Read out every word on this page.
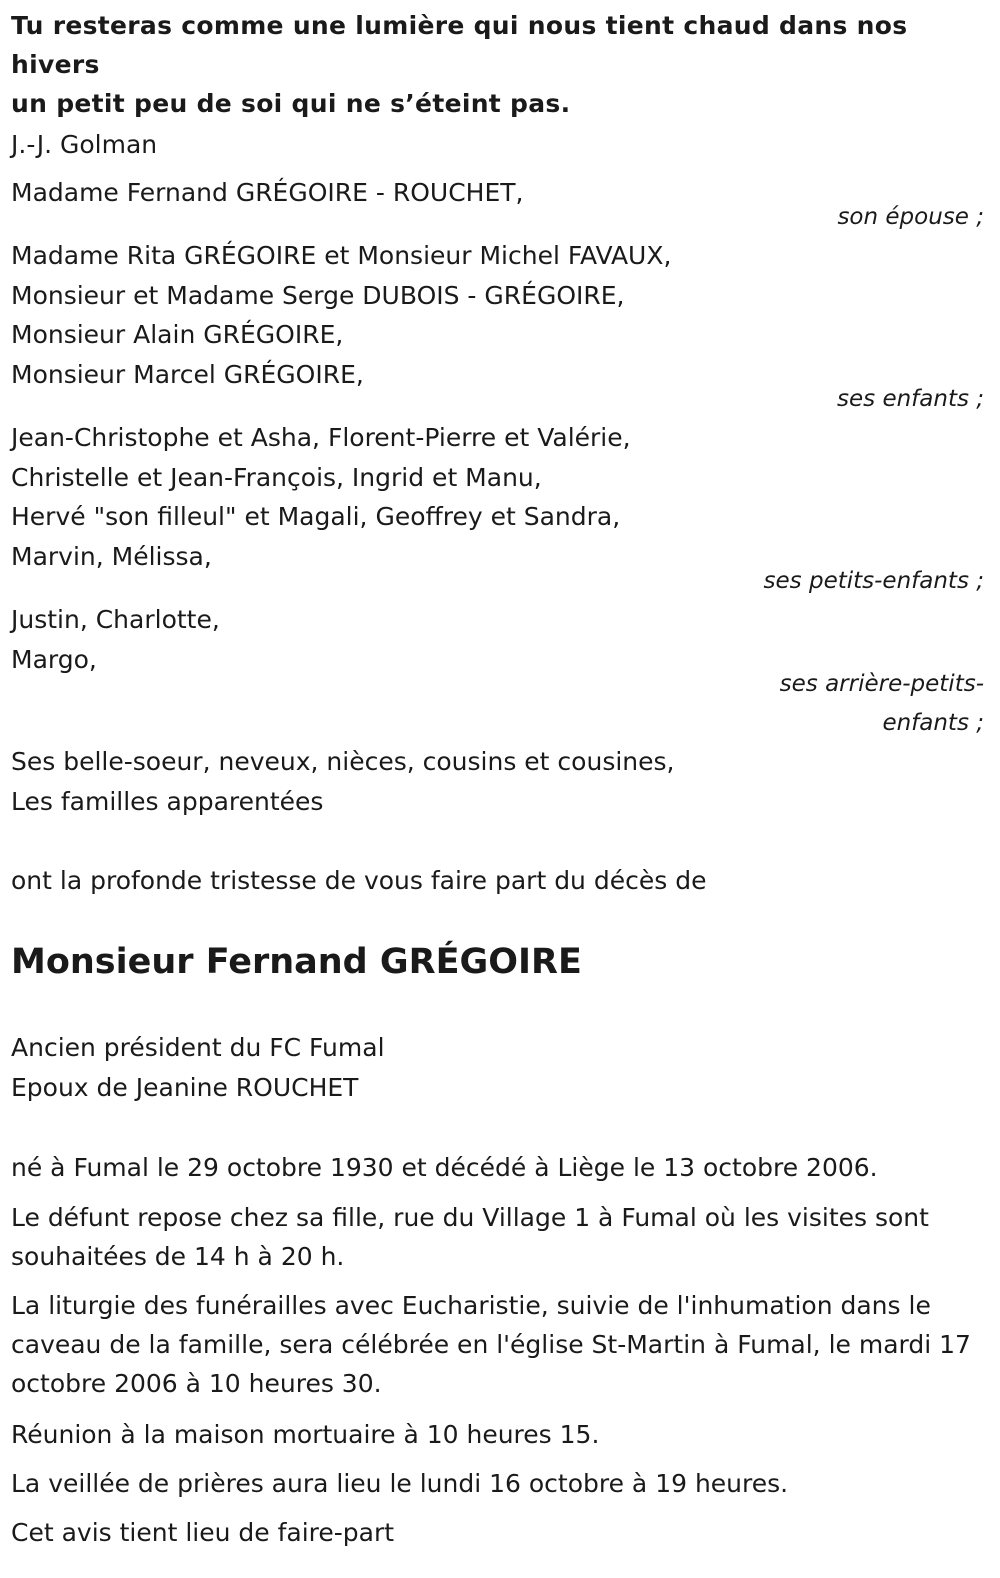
Tu resteras comme une lumière qui nous tient chaud dans nos hivers
un petit peu de soi qui ne s’éteint pas.
J.-J. Golman
Madame Fernand GRÉGOIRE - ROUCHET,
son épouse ;
Madame Rita GRÉGOIRE et Monsieur Michel FAVAUX,
Monsieur et Madame Serge DUBOIS - GRÉGOIRE,
Monsieur Alain GRÉGOIRE,
Monsieur Marcel GRÉGOIRE,
ses enfants ;
Jean-Christophe et Asha, Florent-Pierre et Valérie,
Christelle et Jean-François, Ingrid et Manu,
Hervé "son filleul" et Magali, Geoffrey et Sandra,
Marvin, Mélissa,
ses petits-enfants ;
Justin, Charlotte,
Margo,
ses arrière-petits-
enfants ;
Ses belle-soeur, neveux, nièces, cousins et cousines,
Les familles apparentées
ont la profonde tristesse de vous faire part du décès de
Monsieur Fernand GRÉGOIRE
Ancien président du FC Fumal
Epoux de Jeanine ROUCHET
né à Fumal le 29 octobre 1930 et décédé à Liège le 13 octobre 2006.
Le défunt repose chez sa fille, rue du Village 1 à Fumal où les visites sont souhaitées de 14 h à 20 h.
La liturgie des funérailles avec Eucharistie, suivie de l'inhumation dans le caveau de la famille, sera célébrée en l'église St-Martin à Fumal, le mardi 17 octobre 2006 à 10 heures 30.
Réunion à la maison mortuaire à 10 heures 15.
La veillée de prières aura lieu le lundi 16 octobre à 19 heures.
Cet avis tient lieu de faire-part
